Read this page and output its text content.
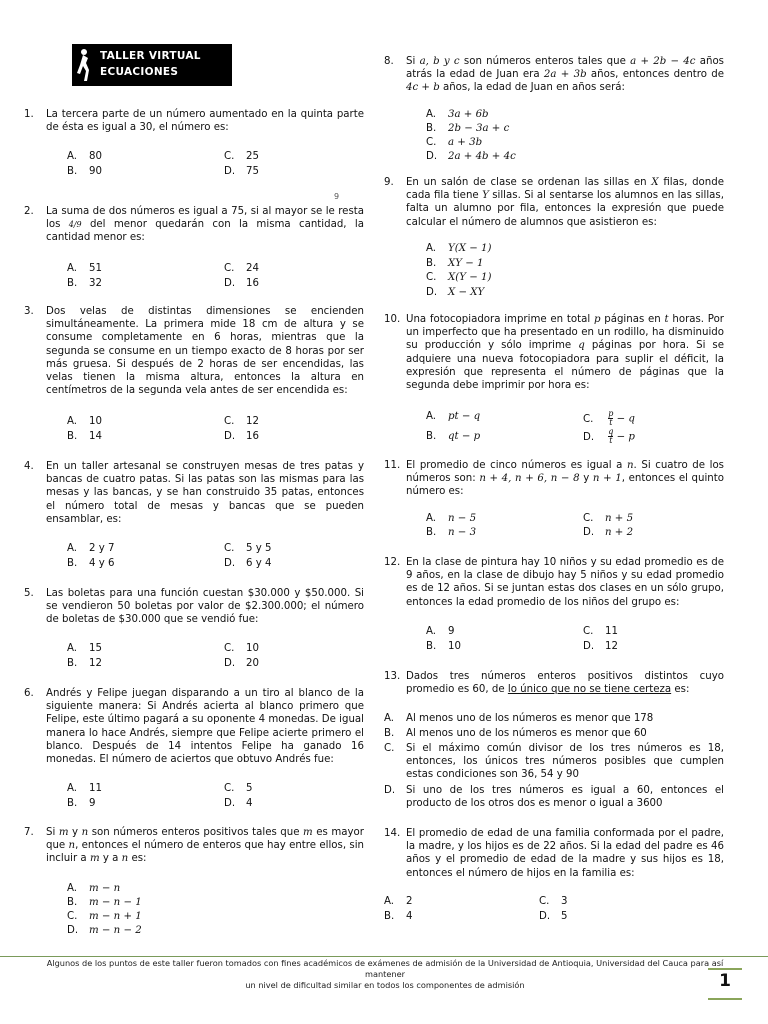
TALLER VIRTUAL
ECUACIONES
9
1. La tercera parte de un número aumentado en la quinta parte de ésta es igual a 30, el número es:
A. 80
B. 90
C. 25
D. 75
2. La suma de dos números es igual a 75, si al mayor se le resta los 4/9 del menor quedarán con la misma cantidad, la cantidad menor es:
A. 51
B. 32
C. 24
D. 16
3. Dos velas de distintas dimensiones se encienden simultáneamente. La primera mide 18 cm de altura y se consume completamente en 6 horas, mientras que la segunda se consume en un tiempo exacto de 8 horas por ser más gruesa. Si después de 2 horas de ser encendidas, las velas tienen la misma altura, entonces la altura en centímetros de la segunda vela antes de ser encendida es:
A. 10
B. 14
C. 12
D. 16
4. En un taller artesanal se construyen mesas de tres patas y bancas de cuatro patas. Si las patas son las mismas para las mesas y las bancas, y se han construido 35 patas, entonces el número total de mesas y bancas que se pueden ensamblar, es:
A. 2 y 7
B. 4 y 6
C. 5 y 5
D. 6 y 4
5. Las boletas para una función cuestan $30.000 y $50.000. Si se vendieron 50 boletas por valor de $2.300.000; el número de boletas de $30.000 que se vendió fue:
A. 15
B. 12
C. 10
D. 20
6. Andrés y Felipe juegan disparando a un tiro al blanco de la siguiente manera: Si Andrés acierta al blanco primero que Felipe, este último pagará a su oponente 4 monedas. De igual manera lo hace Andrés, siempre que Felipe acierte primero el blanco. Después de 14 intentos Felipe ha ganado 16 monedas. El número de aciertos que obtuvo Andrés fue:
A. 11
B. 9
C. 5
D. 4
7. Si m y n son números enteros positivos tales que m es mayor que n, entonces el número de enteros que hay entre ellos, sin incluir a m y a n es:
A. m − n
B. m − n − 1
C. m − n + 1
D. m − n − 2
8. Si a, b y c son números enteros tales que a + 2b − 4c años atrás la edad de Juan era 2a + 3b años, entonces dentro de 4c + b años, la edad de Juan en años será:
A. 3a + 6b
B. 2b − 3a + c
C. a + 3b
D. 2a + 4b + 4c
9. En un salón de clase se ordenan las sillas en X filas, donde cada fila tiene Y sillas. Si al sentarse los alumnos en las sillas, falta un alumno por fila, entonces la expresión que puede calcular el número de alumnos que asistieron es:
A. Y(X − 1)
B. XY − 1
C. X(Y − 1)
D. X − XY
10. Una fotocopiadora imprime en total p páginas en t horas. Por un imperfecto que ha presentado en un rodillo, ha disminuido su producción y sólo imprime q páginas por hora. Si se adquiere una nueva fotocopiadora para suplir el déficit, la expresión que representa el número de páginas que la segunda debe imprimir por hora es:
A. pt − q
B. qt − p
C. $\frac{p}{t} - q$
D. $\frac{q}{t} - p$
11. El promedio de cinco números es igual a n. Si cuatro de los números son: n + 4, n + 6, n − 8 y n + 1, entonces el quinto número es:
A. n − 5
B. n − 3
C. n + 5
D. n + 2
12. En la clase de pintura hay 10 niños y su edad promedio es de 9 años, en la clase de dibujo hay 5 niños y su edad promedio es de 12 años. Si se juntan estas dos clases en un sólo grupo, entonces la edad promedio de los niños del grupo es:
A. 9
B. 10
C. 11
D. 12
13. Dados tres números enteros positivos distintos cuyo promedio es 60, de lo único que no se tiene certeza es:
A. Al menos uno de los números es menor que 178
B. Al menos uno de los números es menor que 60
C. Si el máximo común divisor de los tres números es 18, entonces, los únicos tres números posibles que cumplen estas condiciones son 36, 54 y 90
D. Si uno de los tres números es igual a 60, entonces el producto de los otros dos es menor o igual a 3600
14. El promedio de edad de una familia conformada por el padre, la madre, y los hijos es de 22 años. Si la edad del padre es 46 años y el promedio de edad de la madre y sus hijos es 18, entonces el número de hijos en la familia es:
A. 2
B. 4
C. 3
D. 5
Algunos de los puntos de este taller fueron tomados con fines académicos de exámenes de admisión de la Universidad de Antioquia, Universidad del Cauca para así mantener
un nivel de dificultad similar en todos los componentes de admisión	1
